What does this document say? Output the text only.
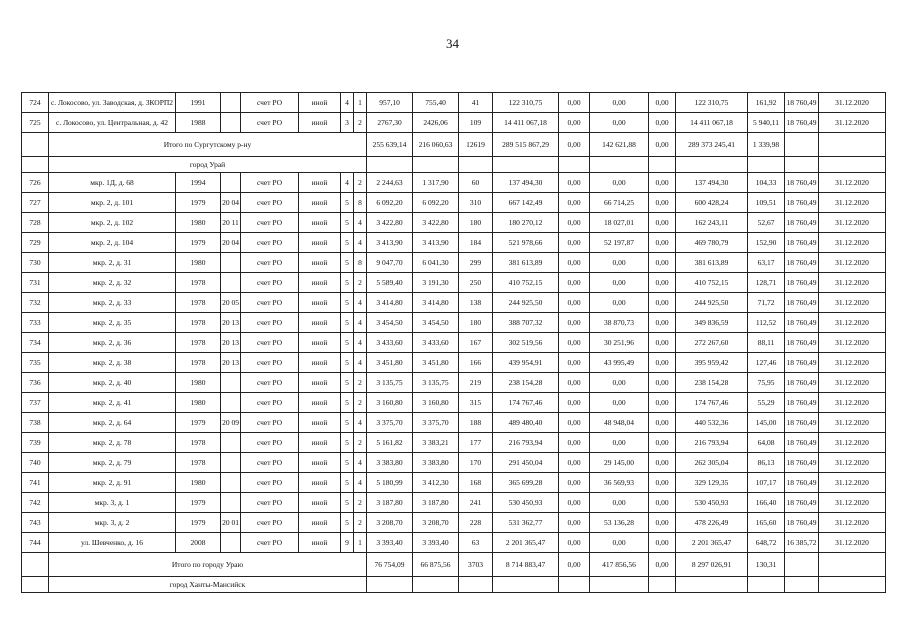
34
724	с. Локосово, ул. Заводская, д. 3КОРП2	1991		счет РО	иной	4	1	957,10	755,40	41	122 310,75	0,00	0,00	0,00	122 310,75	161,92	18 760,49	31.12.2020
725	с. Локосово, ул. Центральная, д. 42	1988		счет РО	иной	3	2	2767,30	2426,06	109	14 411 067,18	0,00	0,00	0,00	14 411 067,18	5 940,11	18 760,49	31.12.2020
	Итого по Сургутскому р-ну							255 639,14	216 060,63	12619	289 515 867,29	0,00	142 621,88	0,00	289 373 245,41	1 339,98		
	город Урай																	
726	мкр. 1Д, д. 68	1994		счет РО	иной	4	2	2 244,63	1 317,90	60	137 494,30	0,00	0,00	0,00	137 494,30	104,33	18 760,49	31.12.2020
727	мкр. 2, д. 101	1979	20 04	счет РО	иной	5	8	6 092,20	6 092,20	310	667 142,49	0,00	66 714,25	0,00	600 428,24	109,51	18 760,49	31.12.2020
728	мкр. 2, д. 102	1980	20 11	счет РО	иной	5	4	3 422,80	3 422,80	180	180 270,12	0,00	18 027,01	0,00	162 243,11	52,67	18 760,49	31.12.2020
729	мкр. 2, д. 104	1979	20 04	счет РО	иной	5	4	3 413,90	3 413,90	184	521 978,66	0,00	52 197,87	0,00	469 780,79	152,90	18 760,49	31.12.2020
730	мкр. 2, д. 31	1980		счет РО	иной	5	8	9 047,70	6 041,30	299	381 613,89	0,00	0,00	0,00	381 613,89	63,17	18 760,49	31.12.2020
731	мкр. 2, д. 32	1978		счет РО	иной	5	2	5 589,40	3 191,30	250	410 752,15	0,00	0,00	0,00	410 752,15	128,71	18 760,49	31.12.2020
732	мкр. 2, д. 33	1978	20 05	счет РО	иной	5	4	3 414,80	3 414,80	138	244 925,50	0,00	0,00	0,00	244 925,50	71,72	18 760,49	31.12.2020
733	мкр. 2, д. 35	1978	20 13	счет РО	иной	5	4	3 454,50	3 454,50	180	388 707,32	0,00	38 870,73	0,00	349 836,59	112,52	18 760,49	31.12.2020
734	мкр. 2, д. 36	1978	20 13	счет РО	иной	5	4	3 433,60	3 433,60	167	302 519,56	0,00	30 251,96	0,00	272 267,60	88,11	18 760,49	31.12.2020
735	мкр. 2, д. 38	1978	20 13	счет РО	иной	5	4	3 451,80	3 451,80	166	439 954,91	0,00	43 995,49	0,00	395 959,42	127,46	18 760,49	31.12.2020
736	мкр. 2, д. 40	1980		счет РО	иной	5	2	3 135,75	3 135,75	219	238 154,28	0,00	0,00	0,00	238 154,28	75,95	18 760,49	31.12.2020
737	мкр. 2, д. 41	1980		счет РО	иной	5	2	3 160,80	3 160,80	315	174 767,46	0,00	0,00	0,00	174 767,46	55,29	18 760,49	31.12.2020
738	мкр. 2, д. 64	1979	20 09	счет РО	иной	5	4	3 375,70	3 375,70	188	489 480,40	0,00	48 948,04	0,00	440 532,36	145,00	18 760,49	31.12.2020
739	мкр. 2, д. 78	1978		счет РО	иной	5	2	5 161,82	3 383,21	177	216 793,94	0,00	0,00	0,00	216 793,94	64,08	18 760,49	31.12.2020
740	мкр. 2, д. 79	1978		счет РО	иной	5	4	3 383,80	3 383,80	170	291 450,04	0,00	29 145,00	0,00	262 305,04	86,13	18 760,49	31.12.2020
741	мкр. 2, д. 91	1980		счет РО	иной	5	4	5 180,99	3 412,30	168	365 699,28	0,00	36 569,93	0,00	329 129,35	107,17	18 760,49	31.12.2020
742	мкр. 3, д. 1	1979		счет РО	иной	5	2	3 187,80	3 187,80	241	530 450,93	0,00	0,00	0,00	530 450,93	166,40	18 760,49	31.12.2020
743	мкр. 3, д. 2	1979	20 01	счет РО	иной	5	2	3 208,70	3 208,70	228	531 362,77	0,00	53 136,28	0,00	478 226,49	165,60	18 760,49	31.12.2020
744	ул. Шевченко, д. 16	2008		счет РО	иной	9	1	3 393,40	3 393,40	63	2 201 365,47	0,00	0,00	0,00	2 201 365,47	648,72	16 385,72	31.12.2020
	Итого по городу Ураю							76 754,09	66 875,56	3703	8 714 883,47	0,00	417 856,56	0,00	8 297 026,91	130,31		
	город Ханты-Мансийск																	
